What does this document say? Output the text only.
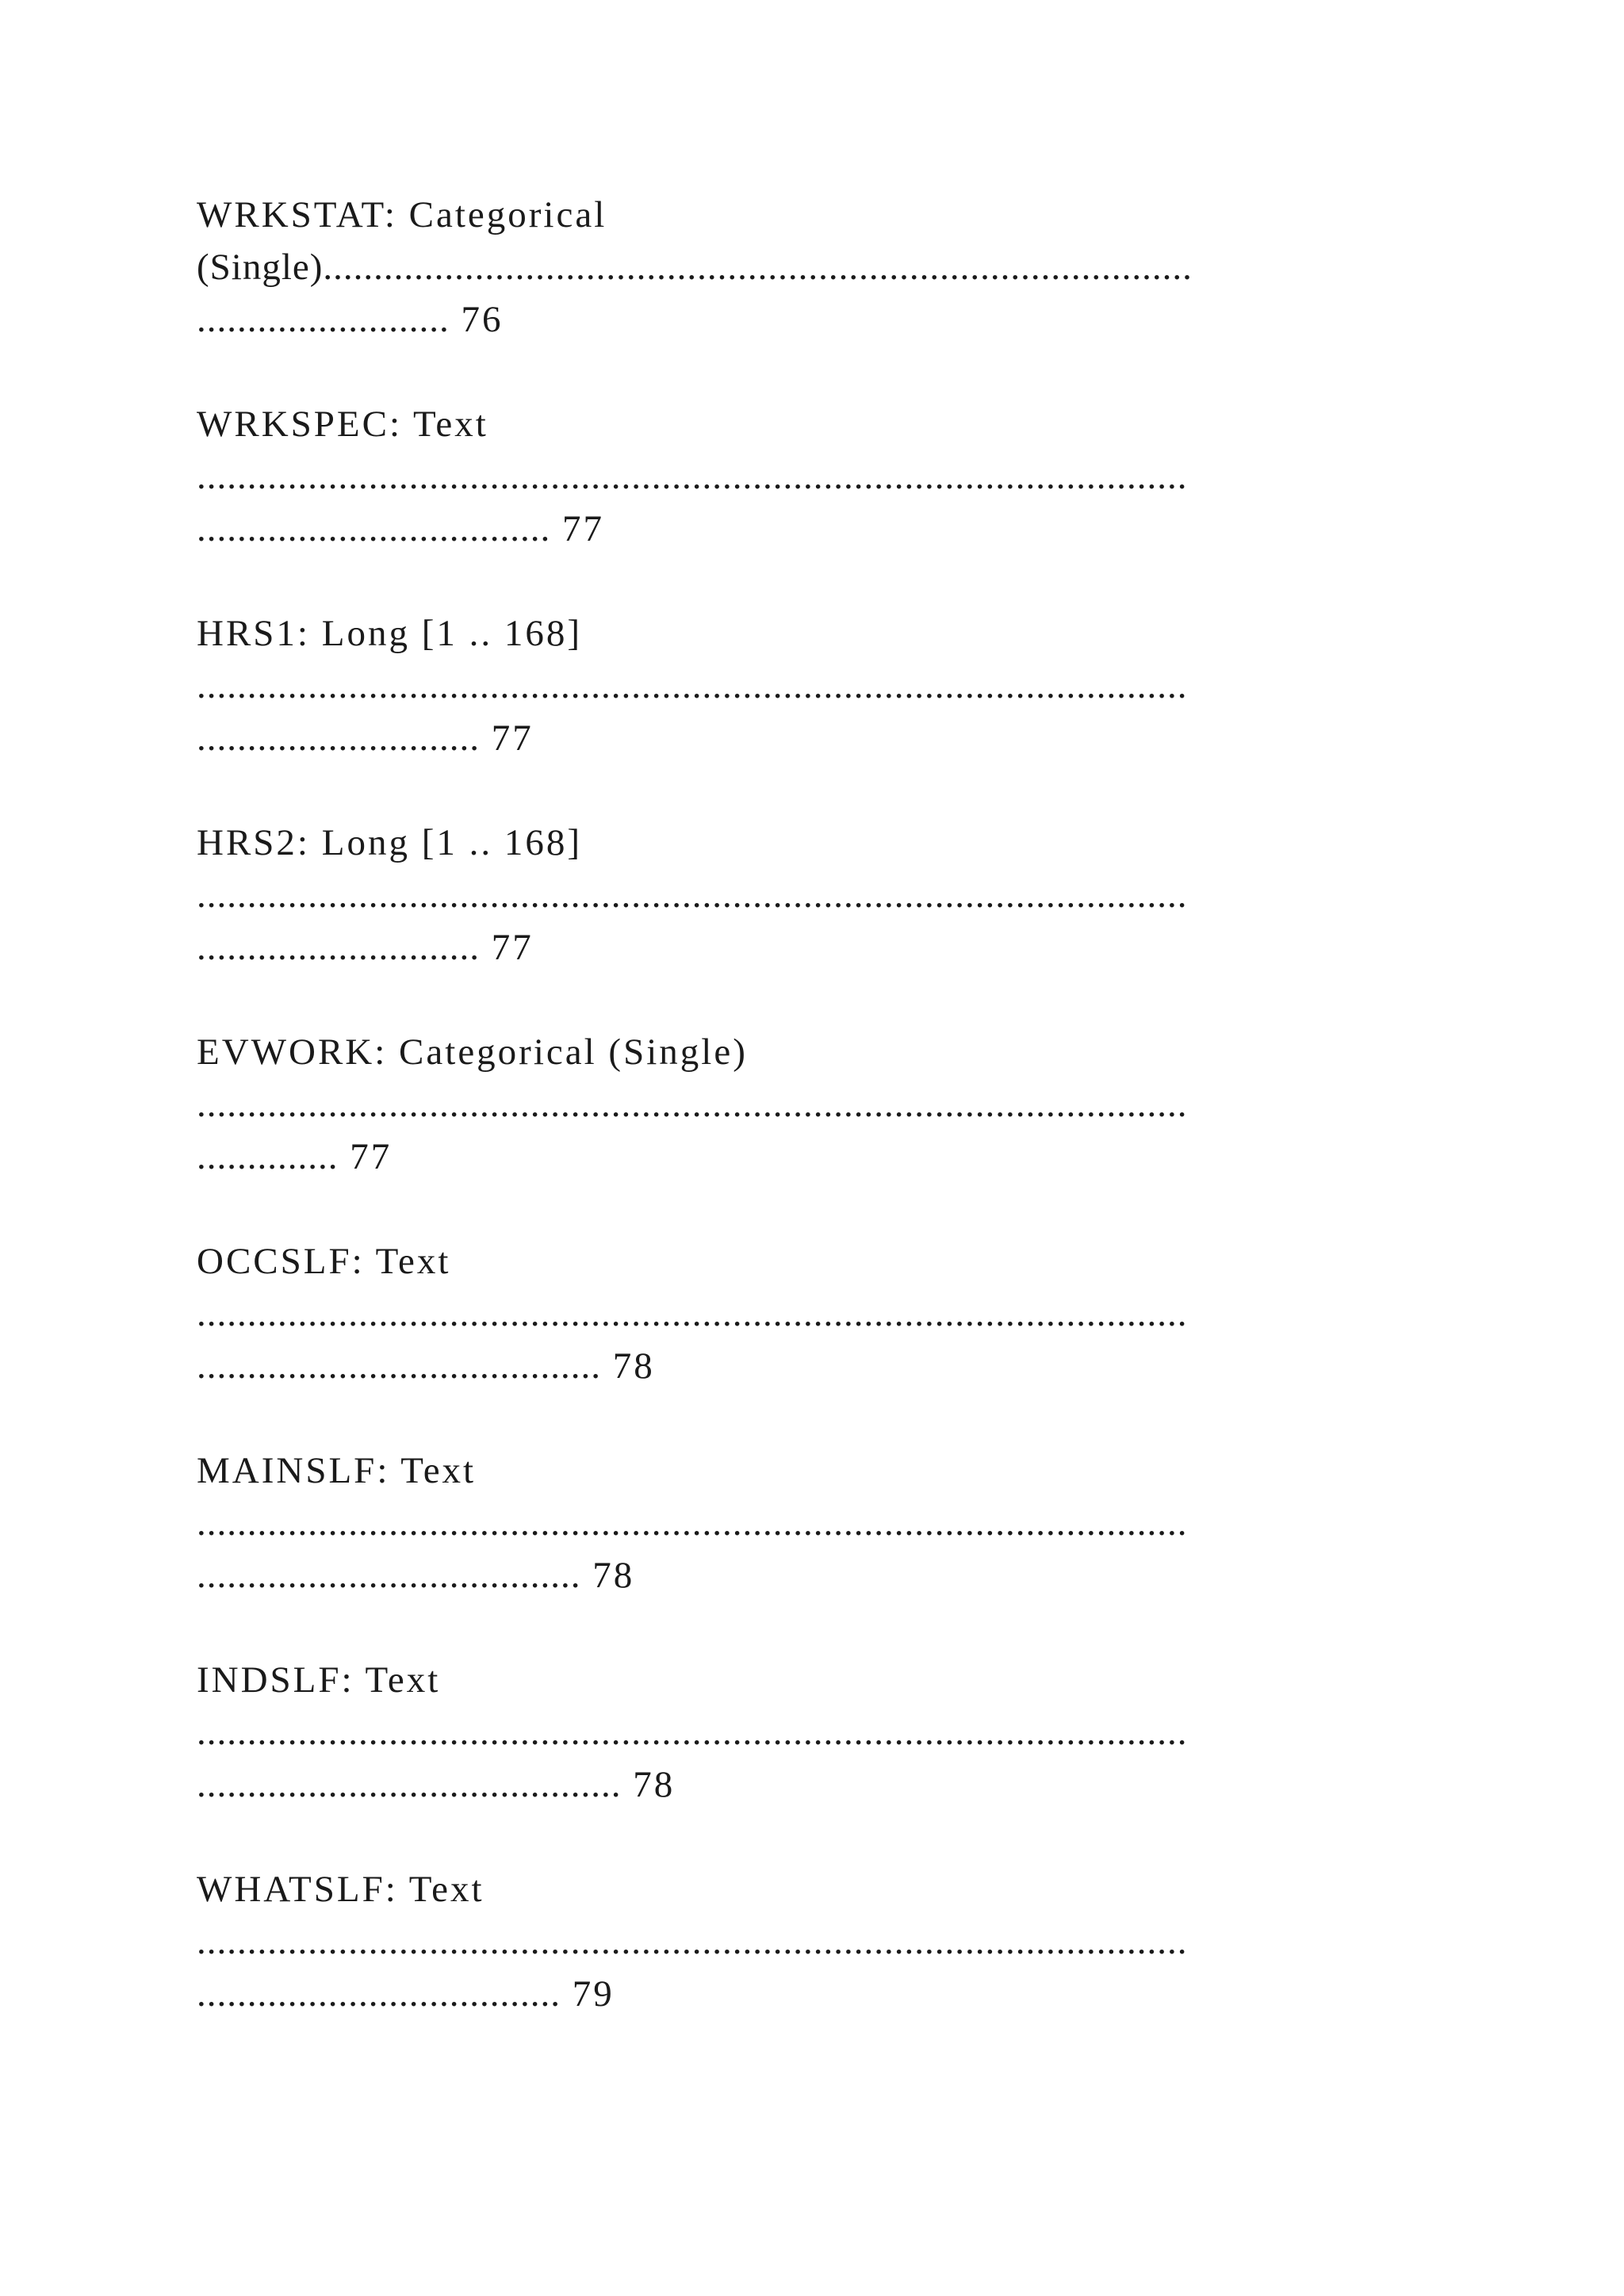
WRKSTAT: Categorical
(Single)......................................................................................
......................... 76
WRKSPEC: Text
..................................................................................................
................................... 77
HRS1: Long [1 .. 168]
..................................................................................................
............................ 77
HRS2: Long [1 .. 168]
..................................................................................................
............................ 77
EVWORK: Categorical (Single)
..................................................................................................
.............. 77
OCCSLF: Text
..................................................................................................
........................................ 78
MAINSLF: Text
..................................................................................................
...................................... 78
INDSLF: Text
..................................................................................................
.......................................... 78
WHATSLF: Text
..................................................................................................
.................................... 79
